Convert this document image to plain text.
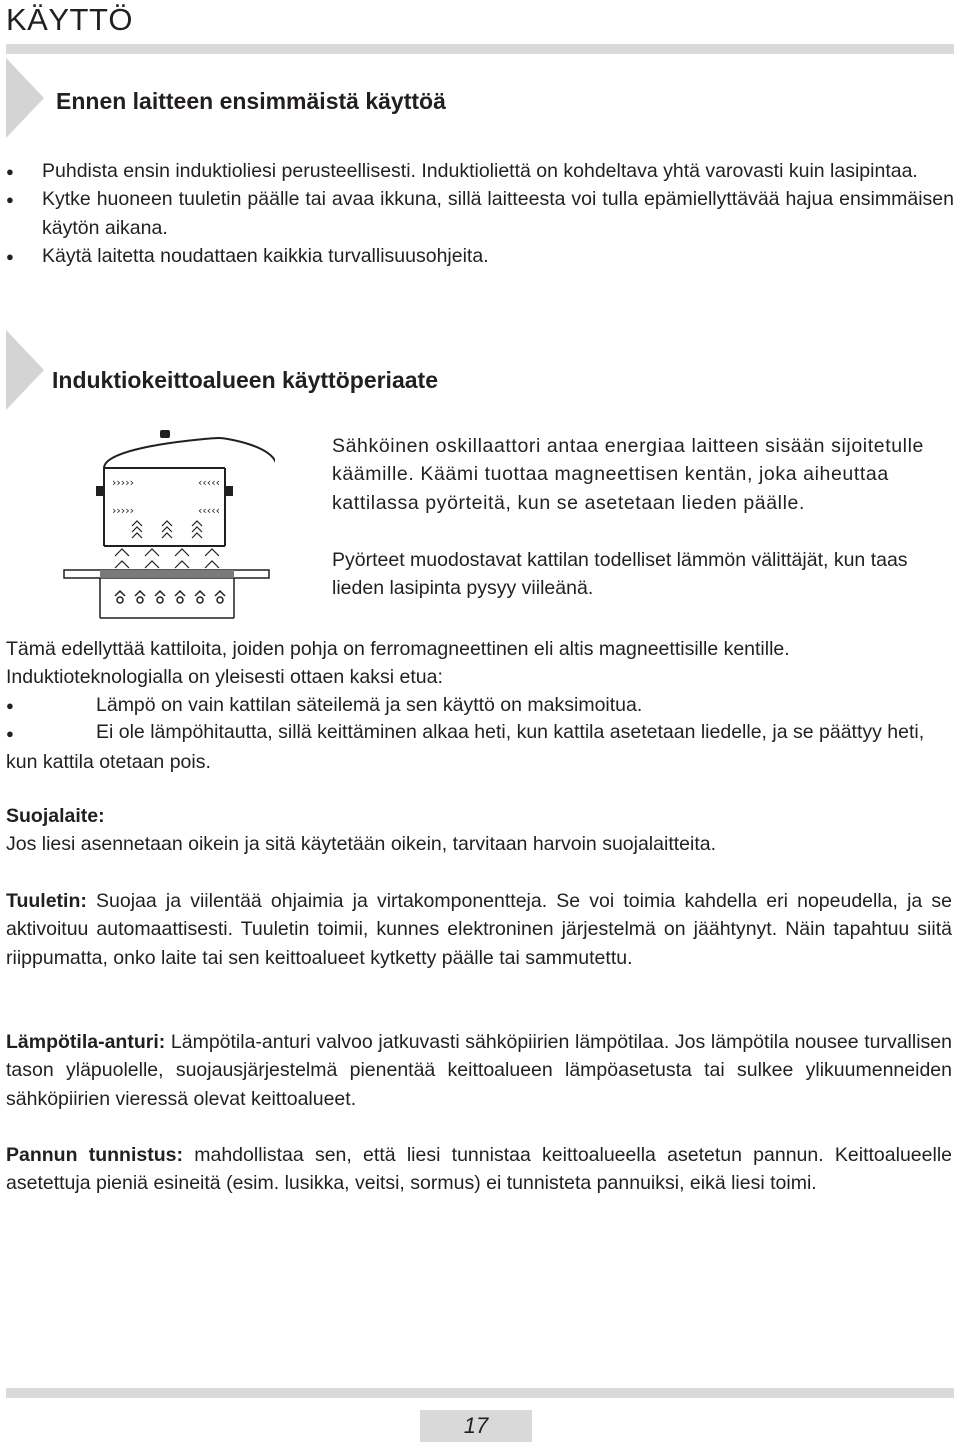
KÄYTTÖ
Ennen laitteen ensimmäistä käyttöä
● Puhdista ensin induktioliesi perusteellisesti. Induktioliettä on kohdeltava yhtä varovasti kuin lasipintaa.
● Kytke huoneen tuuletin päälle tai avaa ikkuna, sillä laitteesta voi tulla epämiellyttävää hajua ensimmäisen käytön aikana.
● Käytä laitetta noudattaen kaikkia turvallisuusohjeita.
Induktiokeittoalueen käyttöperiaate
›››››	‹‹‹‹‹
›››››	‹‹‹‹‹
Sähköinen oskillaattori antaa energiaa laitteen sisään sijoitetulle käämille. Käämi tuottaa magneettisen kentän, joka aiheuttaa kattilassa pyörteitä, kun se asetetaan lieden päälle.
Pyörteet muodostavat kattilan todelliset lämmön välittäjät, kun taas lieden lasipinta pysyy viileänä.
Tämä edellyttää kattiloita, joiden pohja on ferromagneettinen eli altis magneettisille kentille.
Induktioteknologialla on yleisesti ottaen kaksi etua:
●	Lämpö on vain kattilan säteilemä ja sen käyttö on maksimoitua.
●	Ei ole lämpöhitautta, sillä keittäminen alkaa heti, kun kattila asetetaan liedelle, ja se päättyy heti, kun kattila otetaan pois.
Suojalaite:
Jos liesi asennetaan oikein ja sitä käytetään oikein, tarvitaan harvoin suojalaitteita.
Tuuletin: Suojaa ja viilentää ohjaimia ja virtakomponentteja. Se voi toimia kahdella eri nopeudella, ja se aktivoituu automaattisesti. Tuuletin toimii, kunnes elektroninen järjestelmä on jäähtynyt. Näin tapahtuu siitä riippumatta, onko laite tai sen keittoalueet kytketty päälle tai sammutettu.
Lämpötila-anturi: Lämpötila-anturi valvoo jatkuvasti sähköpiirien lämpötilaa. Jos lämpötila nousee turvallisen tason yläpuolelle, suojausjärjestelmä pienentää keittoalueen lämpöasetusta tai sulkee ylikuumenneiden sähköpiirien vieressä olevat keittoalueet.
Pannun tunnistus: mahdollistaa sen, että liesi tunnistaa keittoalueella asetetun pannun. Keittoalueelle asetettuja pieniä esineitä (esim. lusikka, veitsi, sormus) ei tunnisteta pannuiksi, eikä liesi toimi.
17
